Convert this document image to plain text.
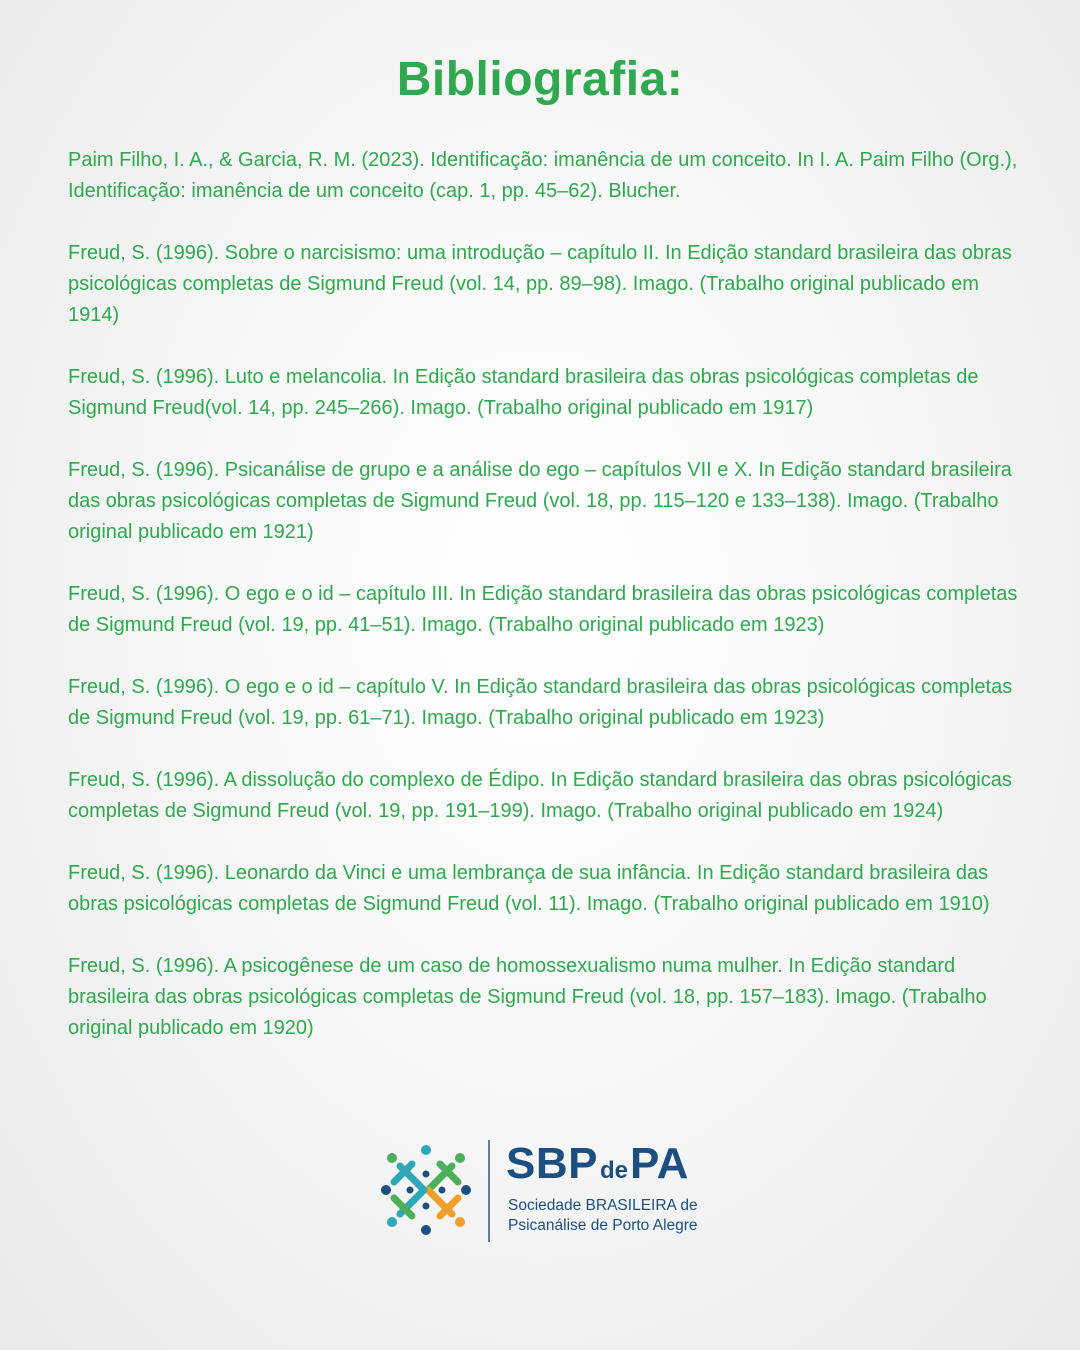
Bibliografia:

Paim Filho, I. A., & Garcia, R. M. (2023). Identificação: imanência de um conceito. In I. A. Paim Filho (Org.), Identificação: imanência de um conceito (cap. 1, pp. 45–62). Blucher.

Freud, S. (1996). Sobre o narcisismo: uma introdução – capítulo II. In Edição standard brasileira das obras psicológicas completas de Sigmund Freud (vol. 14, pp. 89–98). Imago. (Trabalho original publicado em 1914)

Freud, S. (1996). Luto e melancolia. In Edição standard brasileira das obras psicológicas completas de Sigmund Freud(vol. 14, pp. 245–266). Imago. (Trabalho original publicado em 1917)

Freud, S. (1996). Psicanálise de grupo e a análise do ego – capítulos VII e X. In Edição standard brasileira das obras psicológicas completas de Sigmund Freud (vol. 18, pp. 115–120 e 133–138). Imago. (Trabalho original publicado em 1921)

Freud, S. (1996). O ego e o id – capítulo III. In Edição standard brasileira das obras psicológicas completas de Sigmund Freud (vol. 19, pp. 41–51). Imago. (Trabalho original publicado em 1923)

Freud, S. (1996). O ego e o id – capítulo V. In Edição standard brasileira das obras psicológicas completas de Sigmund Freud (vol. 19, pp. 61–71). Imago. (Trabalho original publicado em 1923)

Freud, S. (1996). A dissolução do complexo de Édipo. In Edição standard brasileira das obras psicológicas completas de Sigmund Freud (vol. 19, pp. 191–199). Imago. (Trabalho original publicado em 1924)

Freud, S. (1996). Leonardo da Vinci e uma lembrança de sua infância. In Edição standard brasileira das obras psicológicas completas de Sigmund Freud (vol. 11). Imago. (Trabalho original publicado em 1910)

Freud, S. (1996). A psicogênese de um caso de homossexualismo numa mulher. In Edição standard brasileira das obras psicológicas completas de Sigmund Freud (vol. 18, pp. 157–183). Imago. (Trabalho original publicado em 1920)

SBPdePA
Sociedade BRASILEIRA de
Psicanálise de Porto Alegre
